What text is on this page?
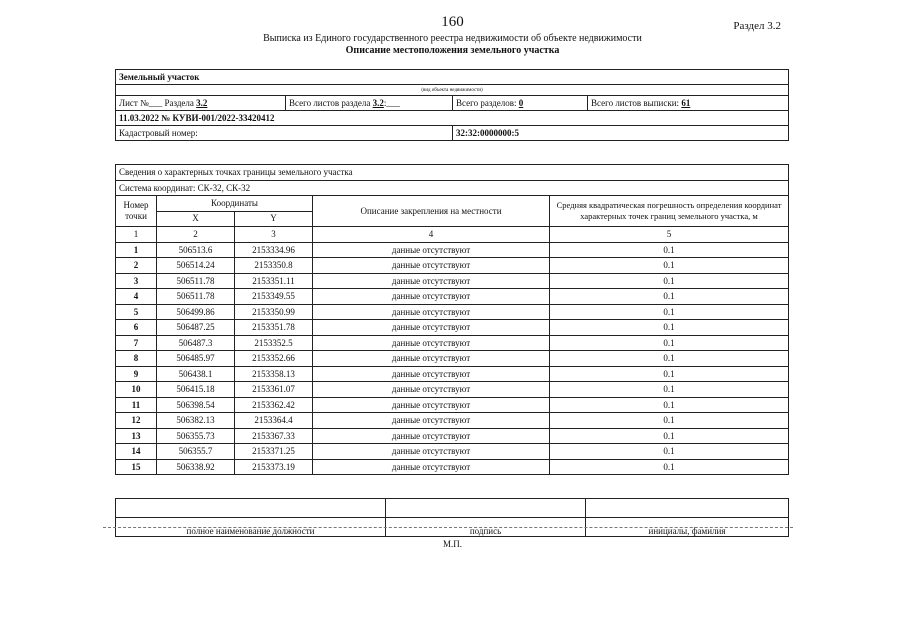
160	Раздел 3.2
Выписка из Единого государственного реестра недвижимости об объекте недвижимости
Описание местоположения земельного участка
Земельный участок			
(вид объекта недвижимости)			
Лист №___ Раздела 3.2	Всего листов раздела 3.2:___	Всего разделов: 0	Всего листов выписки: 61
11.03.2022 № КУВИ-001/2022-33420412			
Кадастровый номер:		32:32:0000000:5	
Сведения о характерных точках границы земельного участка				
Система координат: СК-32, СК-32				
Номер точки	Координаты		Описание закрепления на местности	Средняя квадратическая погрешность определения координат характерных точек границ земельного участка, м
	X	Y		
1	2	3	4	5
1	506513.6	2153334.96	данные отсутствуют	0.1
2	506514.24	2153350.8	данные отсутствуют	0.1
3	506511.78	2153351.11	данные отсутствуют	0.1
4	506511.78	2153349.55	данные отсутствуют	0.1
5	506499.86	2153350.99	данные отсутствуют	0.1
6	506487.25	2153351.78	данные отсутствуют	0.1
7	506487.3	2153352.5	данные отсутствуют	0.1
8	506485.97	2153352.66	данные отсутствуют	0.1
9	506438.1	2153358.13	данные отсутствуют	0.1
10	506415.18	2153361.07	данные отсутствуют	0.1
11	506398.54	2153362.42	данные отсутствуют	0.1
12	506382.13	2153364.4	данные отсутствуют	0.1
13	506355.73	2153367.33	данные отсутствуют	0.1
14	506355.7	2153371.25	данные отсутствуют	0.1
15	506338.92	2153373.19	данные отсутствуют	0.1

полное наименование должности	подпись	инициалы, фамилия
М.П.
